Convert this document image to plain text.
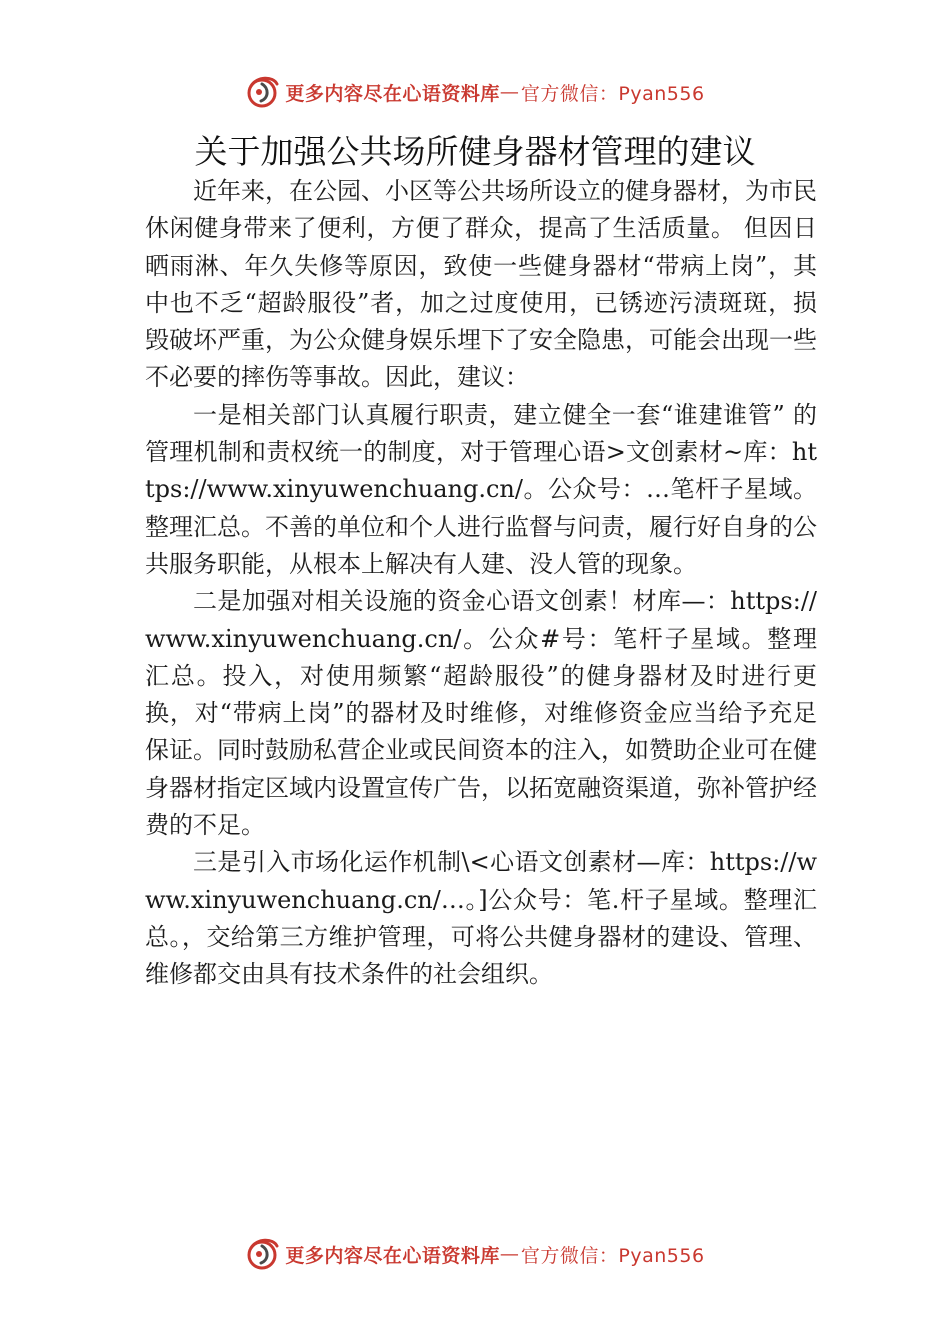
更多内容尽在心语资料库 — 官方微信：Pyan556
关于加强公共场所健身器材管理的建议

近年来，在公园、小区等公共场所设立的健身器材，为市民休闲健身带来了便利，方便了群众，提高了生活质量。 但因日晒雨淋、年久失修等原因，致使一些健身器材“带病上岗”，其中也不乏“超龄服役”者，加之过度使用，已锈迹污渍斑斑，损毁破坏严重，为公众健身娱乐埋下了安全隐患，可能会出现一些不必要的摔伤等事故。因此，建议：

一是相关部门认真履行职责，建立健全一套“谁建谁管” 的管理机制和责权统一的制度，对于管理心语>文创素材~库：https://www.xinyuwenchuang.cn/。公众号：…笔杆子星域。整理汇总。不善的单位和个人进行监督与问责，履行好自身的公共服务职能，从根本上解决有人建、没人管的现象。

二是加强对相关设施的资金心语文创素！材库—：https://www.xinyuwenchuang.cn/。公众#号：笔杆子星域。整理汇总。投入，对使用频繁“超龄服役”的健身器材及时进行更换，对“带病上岗”的器材及时维修，对维修资金应当给予充足保证。同时鼓励私营企业或民间资本的注入，如赞助企业可在健身器材指定区域内设置宣传广告，以拓宽融资渠道，弥补管护经费的不足。

三是引入市场化运作机制\<心语文创素材—库：https://www.xinyuwenchuang.cn/…。]公众号：笔.杆子星域。整理汇总。，交给第三方维护管理，可将公共健身器材的建设、管理、维修都交由具有技术条件的社会组织。

更多内容尽在心语资料库 — 官方微信：Pyan556
